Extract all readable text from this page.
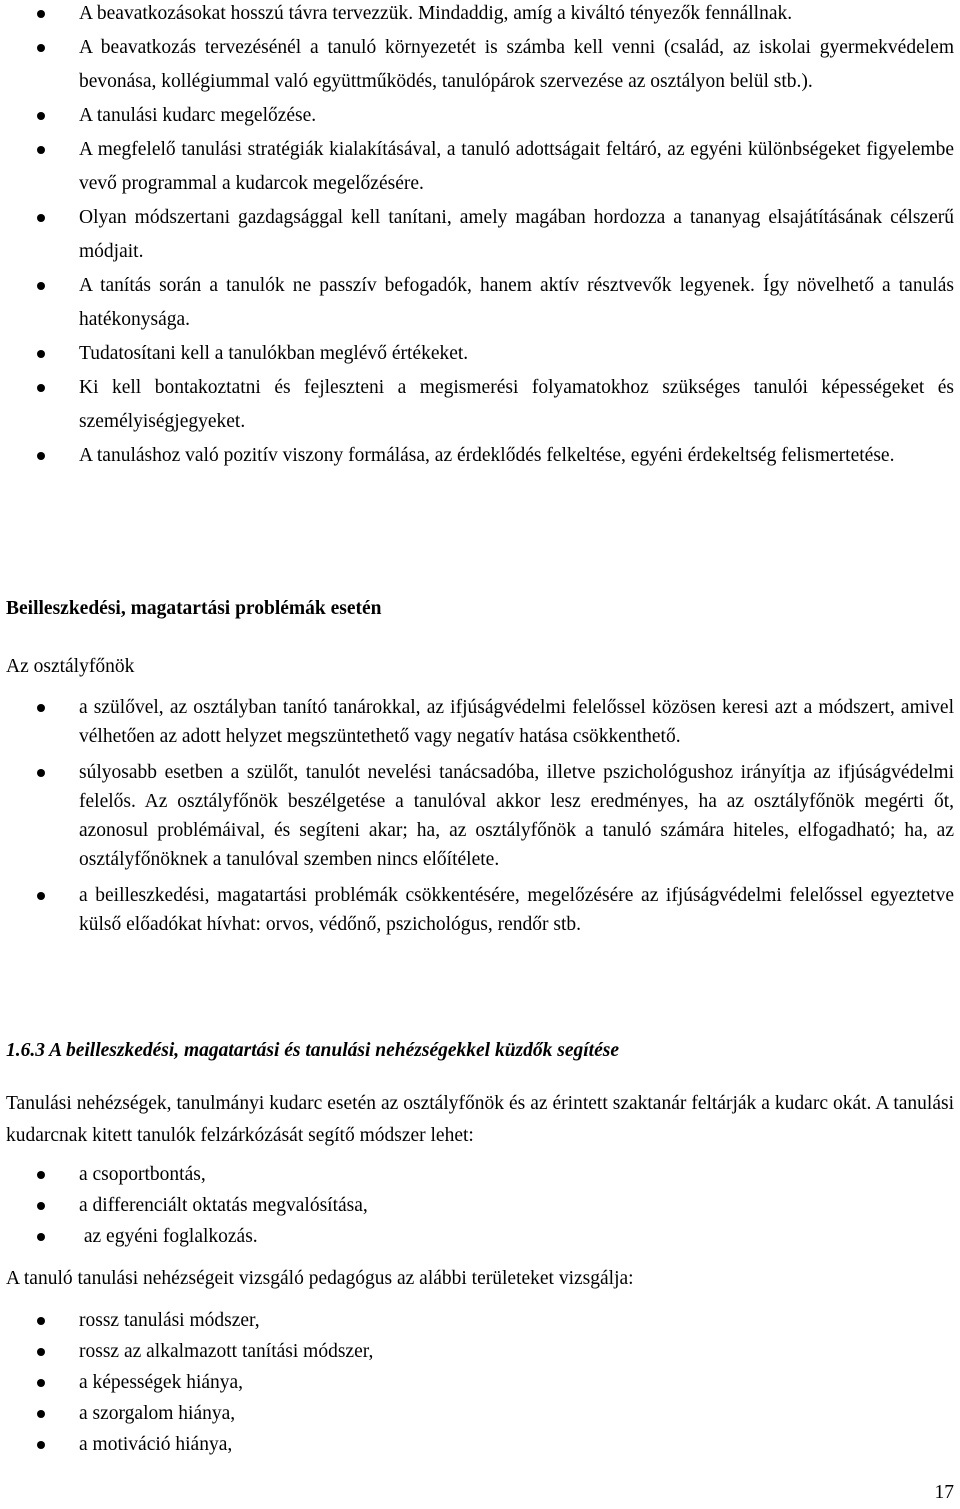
A beavatkozásokat hosszú távra tervezzük. Mindaddig, amíg a kiváltó tényezők fennállnak.
A beavatkozás tervezésénél a tanuló környezetét is számba kell venni (család, az iskolai gyermekvédelem bevonása, kollégiummal való együttműködés, tanulópárok szervezése az osztályon belül stb.).
A tanulási kudarc megelőzése.
A megfelelő tanulási stratégiák kialakításával, a tanuló adottságait feltáró, az egyéni különbségeket figyelembe vevő programmal a kudarcok megelőzésére.
Olyan módszertani gazdagsággal kell tanítani, amely magában hordozza a tananyag elsajátításának célszerű módjait.
A tanítás során a tanulók ne passzív befogadók, hanem aktív résztvevők legyenek. Így növelhető a tanulás hatékonysága.
Tudatosítani kell a tanulókban meglévő értékeket.
Ki kell bontakoztatni és fejleszteni a megismerési folyamatokhoz szükséges tanulói képességeket és személyiségjegyeket.
A tanuláshoz való pozitív viszony formálása, az érdeklődés felkeltése, egyéni érdekeltség felismertetése.
Beilleszkedési, magatartási problémák esetén
Az osztályfőnök
a szülővel, az osztályban tanító tanárokkal, az ifjúságvédelmi felelőssel közösen keresi azt a módszert, amivel vélhetően az adott helyzet megszüntethető vagy negatív hatása csökkenthető.
súlyosabb esetben a szülőt, tanulót nevelési tanácsadóba, illetve pszichológushoz irányítja az ifjúságvédelmi felelős. Az osztályfőnök beszélgetése a tanulóval akkor lesz eredményes, ha az osztályfőnök megérti őt, azonosul problémáival, és segíteni akar; ha, az osztályfőnök a tanuló számára hiteles, elfogadható; ha, az osztályfőnöknek a tanulóval szemben nincs előítélete.
a beilleszkedési, magatartási problémák csökkentésére, megelőzésére az ifjúságvédelmi felelőssel egyeztetve külső előadókat hívhat: orvos, védőnő, pszichológus, rendőr stb.
1.6.3 A beilleszkedési, magatartási és tanulási nehézségekkel küzdők segítése
Tanulási nehézségek, tanulmányi kudarc esetén az osztályfőnök és az érintett szaktanár feltárják a kudarc okát. A tanulási kudarcnak kitett tanulók felzárkózását segítő módszer lehet:
a csoportbontás,
a differenciált oktatás megvalósítása,
az egyéni foglalkozás.
A tanuló tanulási nehézségeit vizsgáló pedagógus az alábbi területeket vizsgálja:
rossz tanulási módszer,
rossz az alkalmazott tanítási módszer,
a képességek hiánya,
a szorgalom hiánya,
a motiváció hiánya,
17
